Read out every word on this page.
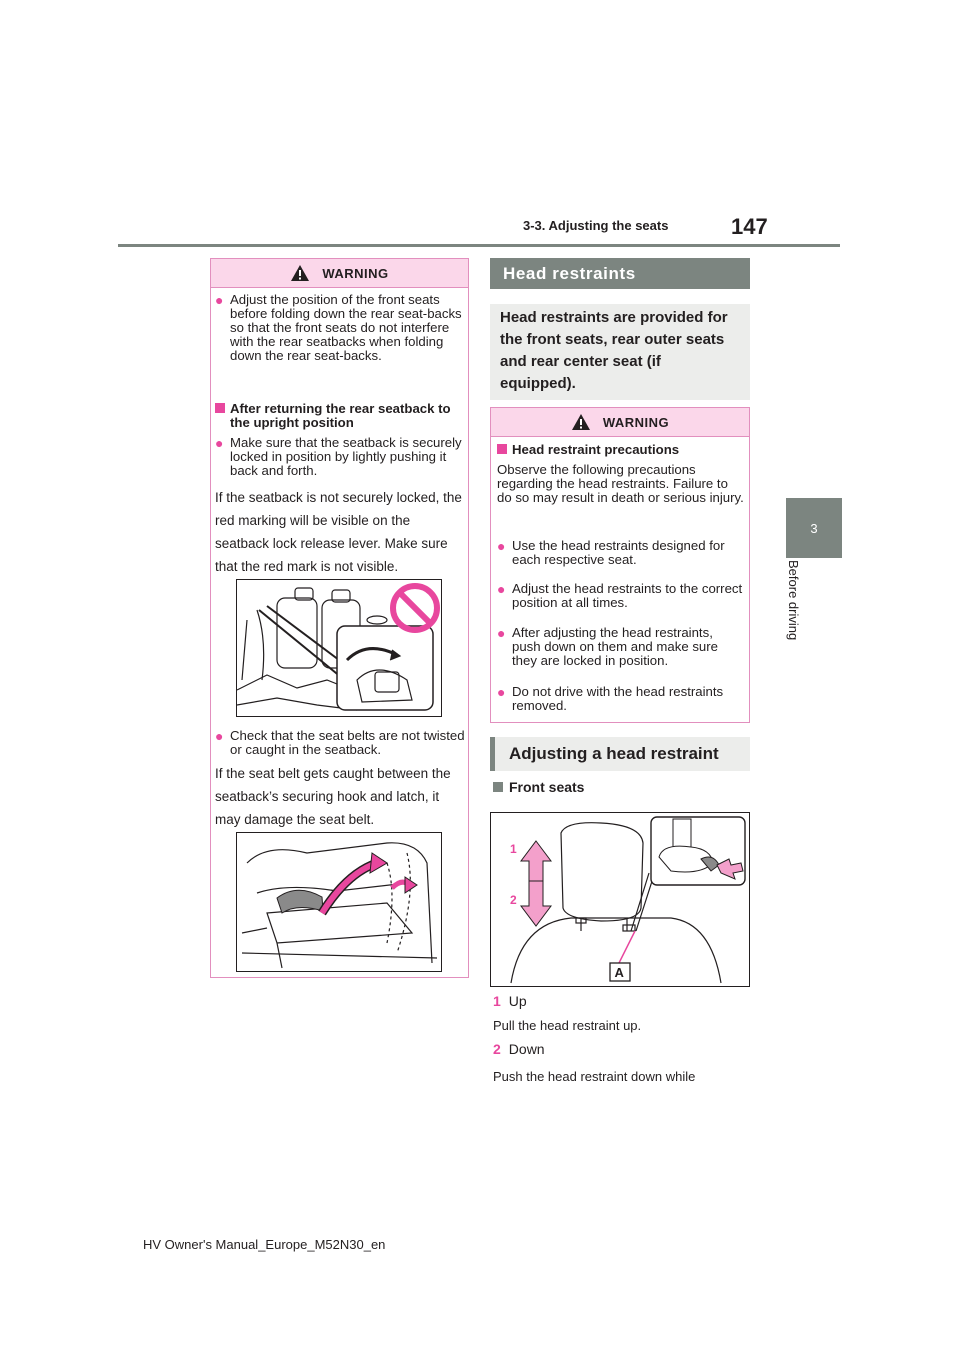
3-3. Adjusting the seats	147
3
Before driving
WARNING
● Adjust the position of the front seats before folding down the rear seat-backs so that the front seats do not interfere with the rear seatbacks when folding down the rear seat-backs.
After returning the rear seatback to the upright position
● Make sure that the seatback is securely locked in position by lightly pushing it back and forth.
If the seatback is not securely locked, the red marking will be visible on the seatback lock release lever. Make sure that the red mark is not visible.
● Check that the seat belts are not twisted or caught in the seatback.
If the seat belt gets caught between the seatback’s securing hook and latch, it may damage the seat belt.
Head restraints
Head restraints are provided for the front seats, rear outer seats and rear center seat (if equipped).
WARNING
Head restraint precautions
Observe the following precautions regarding the head restraints. Failure to do so may result in death or serious injury.
● Use the head restraints designed for each respective seat.
● Adjust the head restraints to the correct position at all times.
● After adjusting the head restraints, push down on them and make sure they are locked in position.
● Do not drive with the head restraints removed.
Adjusting a head restraint
Front seats
1
2
A
1 Up
Pull the head restraint up.
2 Down
Push the head restraint down while
HV Owner's Manual_Europe_M52N30_en
